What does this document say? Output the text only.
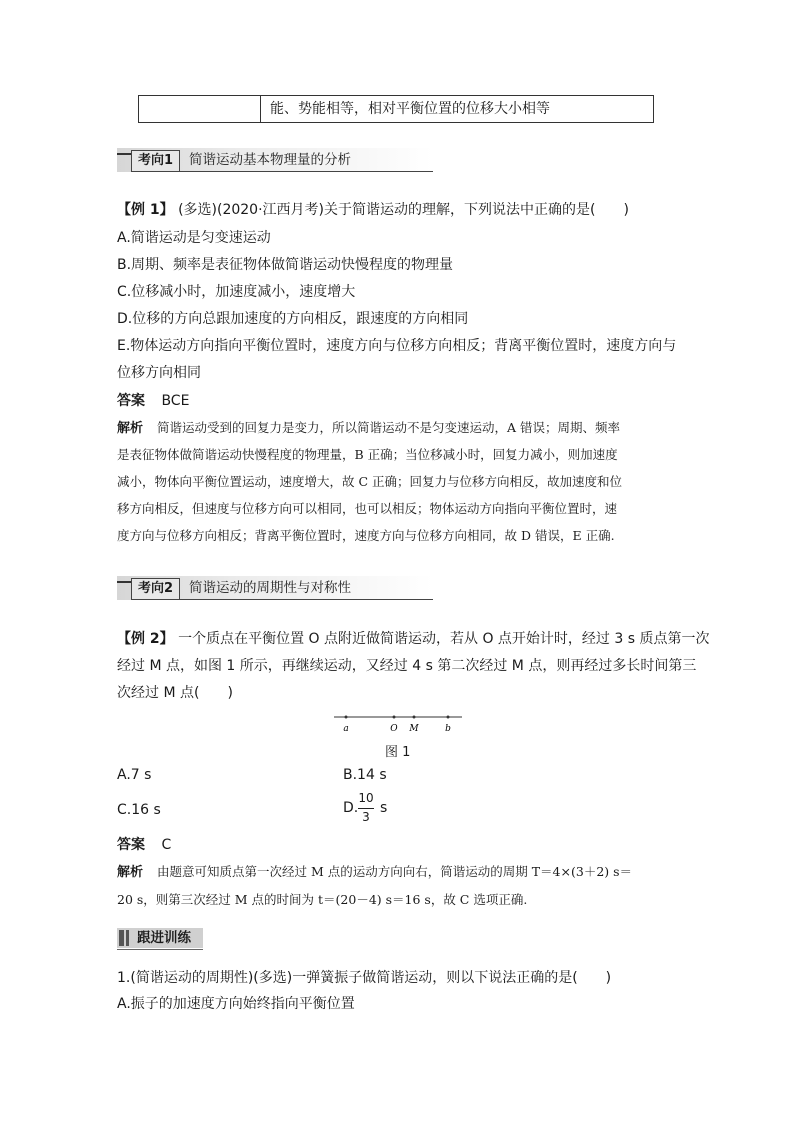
能、势能相等，相对平衡位置的位移大小相等
考向1	简谐运动基本物理量的分析
【例 1】 (多选)(2020·江西月考)关于简谐运动的理解，下列说法中正确的是(　　)
A.简谐运动是匀变速运动
B.周期、频率是表征物体做简谐运动快慢程度的物理量
C.位移减小时，加速度减小，速度增大
D.位移的方向总跟加速度的方向相反，跟速度的方向相同
E.物体运动方向指向平衡位置时，速度方向与位移方向相反；背离平衡位置时，速度方向与
位移方向相同
答案 BCE
解析 简谐运动受到的回复力是变力，所以简谐运动不是匀变速运动，A 错误；周期、频率
是表征物体做简谐运动快慢程度的物理量，B 正确；当位移减小时，回复力减小，则加速度
减小，物体向平衡位置运动，速度增大，故 C 正确；回复力与位移方向相反，故加速度和位
移方向相反，但速度与位移方向可以相同，也可以相反；物体运动方向指向平衡位置时，速
度方向与位移方向相反；背离平衡位置时，速度方向与位移方向相同，故 D 错误，E 正确.
考向2	简谐运动的周期性与对称性
【例 2】 一个质点在平衡位置 O 点附近做简谐运动，若从 O 点开始计时，经过 3 s 质点第一次
经过 M 点，如图 1 所示，再继续运动，又经过 4 s 第二次经过 M 点，则再经过多长时间第三
次经过 M 点(　　)
a	O M	b
图 1
A.7 s	B.14 s
C.16 s	D.
10
3
s
答案 C
解析 由题意可知质点第一次经过 M 点的运动方向向右，简谐运动的周期 T＝4×(3＋2) s＝
20 s，则第三次经过 M 点的时间为 t＝(20－4) s＝16 s，故 C 选项正确.
跟进训练
1.(简谐运动的周期性)(多选)一弹簧振子做简谐运动，则以下说法正确的是(　　)
A.振子的加速度方向始终指向平衡位置
